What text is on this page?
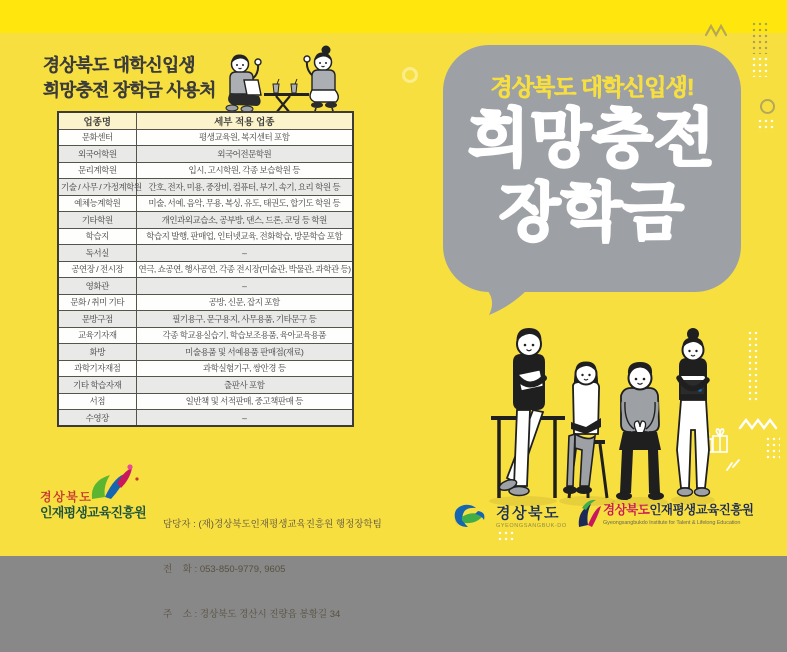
경상북도 대학신입생
희망충전 장학금 사용처
업종명	세부 적용 업종
문화센터	평생교육원, 복지센터 포함
외국어학원	외국어전문학원
문리계학원	입시, 고시학원, 각종 보습학원 등
기술 / 사무 / 가정계학원	간호, 전자, 미용, 중장비, 컴퓨터, 부기, 속기, 요리 학원 등
예체능계학원	미술, 서예, 음악, 무용, 복싱, 유도, 태권도, 합기도 학원 등
기타학원	개인과외교습소, 공부방, 댄스, 드론, 코딩 등 학원
학습지	학습지 발행, 판매업, 인터넷교육, 전화학습, 방문학습 포함
독서실	–
공연장 / 전시장	연극, 쇼공연, 행사공연, 각종 전시장(미술관, 박물관, 과학관 등)
영화관	–
문화 / 취미 기타	공방, 신문, 잡지 포함
문방구점	필기용구, 문구용지, 사무용품, 기타문구 등
교육기자재	각종 학교용실습기, 학습보조용품, 육아교육용품
화방	미술용품 및 서예용품 판매점(재료)
과학기자재점	과학실험기구, 쌍안경 등
기타 학습자재	출판사 포함
서점	일반책 및 서적판매, 중고책판매 등
수영장	–
경상북도
인재평생교육진흥원

담당자 : (재)경상북도인재평생교육진흥원 행정장학팀

전    화 : 053-850-9779, 9605

주    소 : 경상북도 경산시 진량읍 봉황길 34

경상북도 대학신입생!
희망충전
장학금
경상북도
GYEONGSANGBUK-DO
경상북도인재평생교육진흥원
Gyeongsangbukdo Institute for Talent & Lifelong Education
